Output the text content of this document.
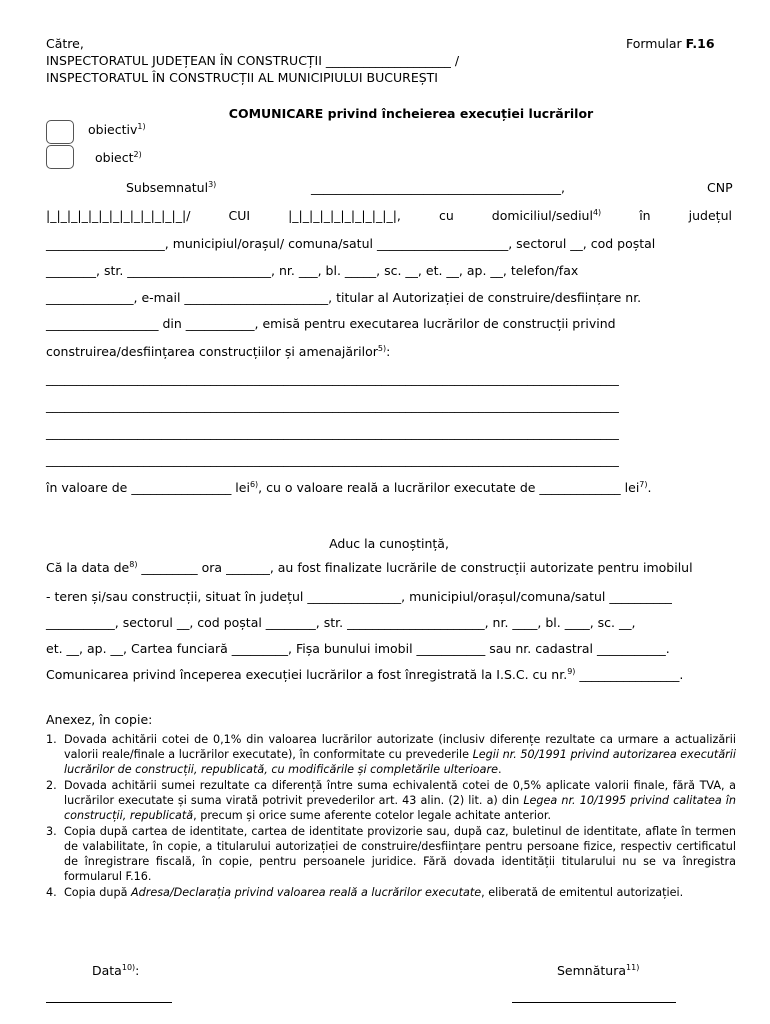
Către,
INSPECTORATUL JUDEȚEAN ÎN CONSTRUCȚII ____________________ /
INSPECTORATUL ÎN CONSTRUCȚII AL MUNICIPIULUI BUCUREȘTI
Formular F.16
COMUNICARE privind încheierea execuției lucrărilor
obiectiv$^{1)}$
obiect$^{2)}$
Subsemnatul$^{3)}$	________________________________________,	CNP
|_|_|_|_|_|_|_|_|_|_|_|_|_|/	CUI	|_|_|_|_|_|_|_|_|_|_|,	cu	domiciliul/sediul$^{4)}$	în	județul
___________________, municipiul/orașul/ comuna/satul _____________________, sectorul __, cod poștal
________, str. _______________________, nr. ___, bl. _____, sc. __, et. __, ap. __, telefon/fax
______________, e-mail _______________________, titular al Autorizației de construire/desființare nr.
__________________ din ___________, emisă pentru executarea lucrărilor de construcții privind
construirea/desființarea construcțiilor și amenajărilor$^{5)}$:
______________________________________________________________________________________________
______________________________________________________________________________________________
______________________________________________________________________________________________
______________________________________________________________________________________________
în valoare de ________________ lei$^{6)}$, cu o valoare reală a lucrărilor executate de _____________ lei$^{7)}$.
Aduc la cunoștință,
Că la data $de^{8)}$ _________ ora _______, au fost finalizate lucrările de construcții autorizate pentru imobilul
- teren și/sau construcții, situat în județul _______________, municipiul/orașul/comuna/satul __________
___________, sectorul __, cod poștal ________, str. ______________________, nr. ____, bl. ____, sc. __,
et. __, ap. __, Cartea funciară _________, Fișa bunului imobil ___________ sau nr. cadastral ___________.
Comunicarea privind începerea execuției lucrărilor a fost înregistrată la I.S.C. cu nr.$^{9)}$ ________________.
Anexez, în copie:
1. Dovada achitării cotei de 0,1% din valoarea lucrărilor autorizate (inclusiv diferențe rezultate ca urmare a actualizării valorii reale/finale a lucrărilor executate), în conformitate cu prevederile Legii nr. 50/1991 privind autorizarea executării lucrărilor de construcții, republicată, cu modificările și completările ulterioare.
2. Dovada achitării sumei rezultate ca diferență între suma echivalentă cotei de 0,5% aplicate valorii finale, fără TVA, a lucrărilor executate și suma virată potrivit prevederilor art. 43 alin. (2) lit. a) din Legea nr. 10/1995 privind calitatea în construcții, republicată, precum și orice sume aferente cotelor legale achitate anterior.
3. Copia după cartea de identitate, cartea de identitate provizorie sau, după caz, buletinul de identitate, aflate în termen de valabilitate, în copie, a titularului autorizației de construire/desființare pentru persoane fizice, respectiv certificatul de înregistrare fiscală, în copie, pentru persoanele juridice. Fără dovada identității titularului nu se va înregistra formularul F.16.
4. Copia după Adresa/Declarația privind valoarea reală a lucrărilor executate, eliberată de emitentul autorizației.
Data$^{10)}$:	Semnătura$^{11)}$
